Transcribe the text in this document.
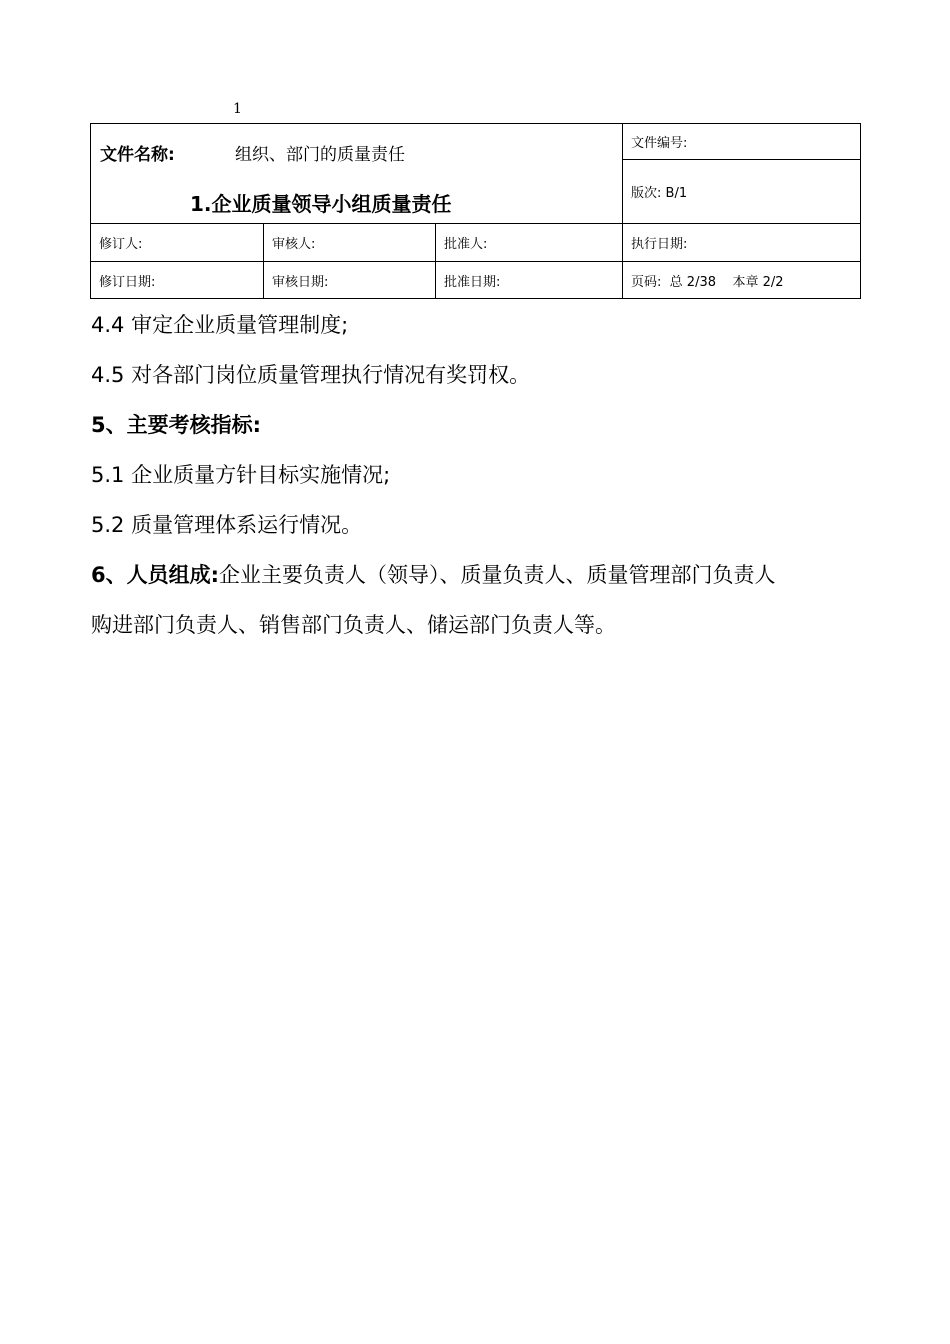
1
文件名称: 组织、部门的质量责任
1.企业质量领导小组质量责任			文件编号:
			版次: B/1
修订人:	审核人:	批准人:	执行日期:
修订日期:	审核日期:	批准日期:	页码:  总 2/38    本章 2/2
4.4 审定企业质量管理制度;
4.5 对各部门岗位质量管理执行情况有奖罚权。
5、主要考核指标:
5.1 企业质量方针目标实施情况;
5.2 质量管理体系运行情况。
6、人员组成:企业主要负责人（领导）、质量负责人、质量管理部门负责人
购进部门负责人、销售部门负责人、储运部门负责人等。
